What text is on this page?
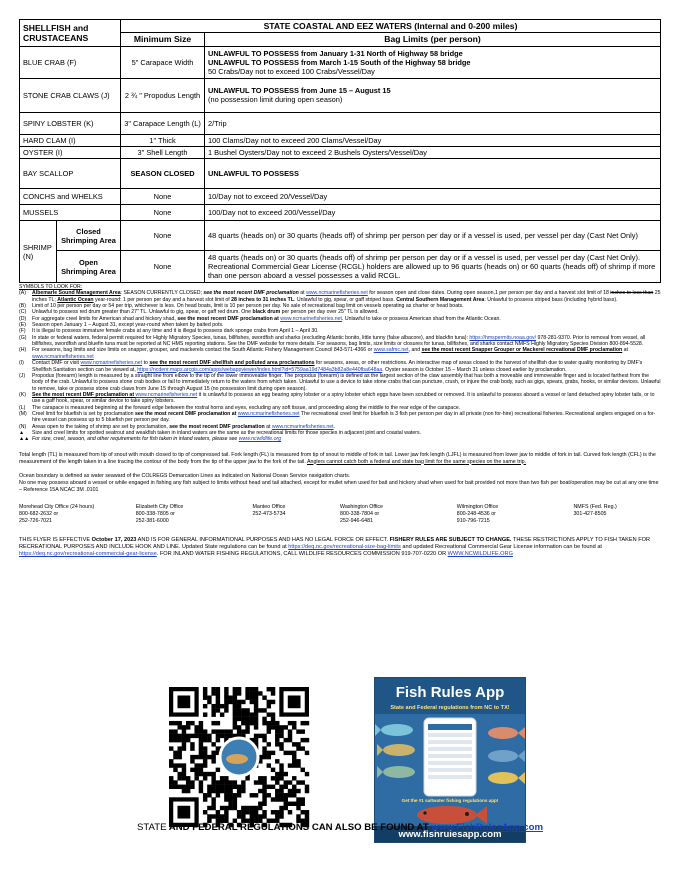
SHELLFISH and CRUSTACEANS		STATE COASTAL AND EEZ WATERS (Internal and 0-200 miles)	
		Minimum Size	Bag Limits (per person)
BLUE CRAB (F)		5" Carapace Width	UNLAWFUL TO POSSESS from January 1-31 North of Highway 58 bridge
UNLAWFUL TO POSSESS from March 1-15 South of the Highway 58 bridge
50 Crabs/Day not to exceed 100 Crabs/Vessel/Day

STONE CRAB CLAWS (J)		2 ¾ " Propodus Length	UNLAWFUL TO POSSESS from June 15 – August 15
(no possession limit during open season)

SPINY LOBSTER (K)		3" Carapace Length (L)	2/Trip
HARD CLAM (I)		1" Thick	100 Clams/Day not to exceed 200 Clams/Vessel/Day
OYSTER (I)		3" Shell Length	1 Bushel Oysters/Day not to exceed 2 Bushels Oysters/Vessel/Day
BAY SCALLOP		SEASON CLOSED	UNLAWFUL TO POSSESS
CONCHS and WHELKS		None	10/Day not to exceed 20/Vessel/Day
MUSSELS		None	100/Day not to exceed 200/Vessel/Day
SHRIMP (N)	Closed Shrimping Area	None	48 quarts (heads on) or 30 quarts (heads off) of shrimp per person per day or if a vessel is used, per vessel per day (Cast Net Only)
	Open Shrimping Area	None	48 quarts (heads on) or 30 quarts (heads off) of shrimp per person per day or if a vessel is used, per vessel per day (Cast Net Only). Recreational Commercial Gear License (RCGL) holders are allowed up to 96 quarts (heads on) or 60 quarts (heads off) of shrimp if more than one person aboard a vessel possesses a valid RCGL.
SYMBOLS TO LOOK FOR:
(A)	Albemarle Sound Management Area: SEASON CURRENTLY CLOSED; see the most recent DMF proclamation at www.ncmarinefisheries.net for season open and close dates. During open season,1 per person per day and a harvest slot limit of 18 inches to less than 25 inches TL; Atlantic Ocean year-round: 1 per person per day and a harvest slot limit of 28 inches to 31 inches TL. Unlawful to gig, spear, or gaff striped bass. Central Southern Management Area: Unlawful to possess striped bass (including hybrid bass).
(B)	Limit of 10 per person per day or 54 per trip, whichever is less. On head boats, limit is 10 per person per day. No sale of recreational bag limit on vessels operating as charter or head boats.
(C)	Unlawful to possess red drum greater than 27" TL. Unlawful to gig, spear, or gaff red drum. One black drum per person per day over 25" TL is allowed.
(D)	For aggregate creel limits for American shad and hickory shad, see the most recent DMF proclamation at www.ncmarinefisheries.net. Unlawful to take or possess American shad from the Atlantic Ocean.
(E)	Season open January 1 – August 31, except year-round when taken by baited pots.
(F)	It is illegal to possess immature female crabs at any time and it is illegal to possess dark sponge crabs from April 1 – April 30.
(G)	In state or federal waters, federal permit required for Highly Migratory Species, tunas, billfishes, swordfish and sharks (excluding Atlantic bonito, little tunny (false albacore), and blackfin tuna): https://hmspermits.noaa.gov/ 978-281-9370. Prior to removal from vessel, all billfishes, swordfish and bluefin tuna must be reported at NC HMS reporting stations. See the DMF website for more details. For seasons, bag limits, size limits or closures for tunas, billfishes, and sharks contact NMFS Highly Migratory Species Division 800-894-5528.
(H)	For seasons, bag limits and size limits on snapper, grouper, and mackerels contact the South Atlantic Fishery Management Council 843-571-4366 or www.safmc.net, and see the most recent Snapper Grouper or Mackerel recreational DMF proclamation at www.ncmarinefisheries.net
(I)	Contact DMF or visit www.ncmarinefisheries.net to see the most recent DMF shellfish and polluted area proclamations for seasons, areas, or other restrictions. An interactive map of areas closed to the harvest of shellfish due to water quality monitoring by DMF's Shellfish Sanitation section can be viewed at, https://ncdenr.maps.arcgis.com/apps/webappviewer/index.html?id=5759aa19d7484a3b82a8e440fba648aa. Oyster season is October 15 – March 31 unless closed earlier by proclamation.
(J)	Propodus (forearm) length is measured by a straight line from elbow to the tip of the lower immoveable finger. The propodus (forearm) is defined as the largest section of the claw assembly that has both a moveable and immoveable finger and is located farthest from the body of the crab. Unlawful to possess stone crab bodies or fail to immediately return to the waters from which taken. Unlawful to use a device to take stone crabs that can puncture, crush, or injure the crab body, such as gigs, spears, grabs, hooks, or similar devices. Unlawful to remove, take or possess stone crab claws from June 15 through August 15 (no possession limit during open season).
(K)	See the most recent DMF proclamation at www.ncmarinefisheries.net it is unlawful to possess an egg bearing spiny lobster or a spiny lobster which eggs have been scrubbed or removed. It is unlawful to possess aboard a vessel or land detached spiny lobster tails, or to use a gaff hook, spear, or similar device to take spiny lobsters.
(L)	The carapace is measured beginning at the forward edge between the rostral horns and eyes, excluding any soft tissue, and proceeding along the middle to the rear edge of the carapace.
(M)	Creel limit for bluefish is set by proclamation see the most recent DMF proclamation at www.ncmarinefisheries.net The recreational creel limit for bluefish is 3 fish per person per day in all private (non for-hire) recreational fisheries. Recreational anglers engaged on a for-hire vessel can possess up to 5 bluefish per person per day.
(N)	Areas open to the taking of shrimp are set by proclamation, see the most recent DMF proclamation at www.ncmarinefisheries.net.
▲	Size and creel limits for spotted seatrout and weakfish taken in inland waters are the same as the recreational limits for those species in adjacent joint and coastal waters.
▲▲ For size, creel, season, and other requirements for fish taken in inland waters, please see www.ncwildlife.org
Total length (TL) is measured from tip of snout with mouth closed to tip of compressed tail. Fork length (FL) is measured from tip of snout to middle of fork in tail. Lower jaw fork length (LJFL) is measured from lower jaw to middle of fork in tail. Curved fork length (CFL) is the measurement of the length taken in a line tracing the contour of the body from the tip of the upper jaw to the fork of the tail. Anglers cannot catch both a federal and state bag limit for the same species on the same trip.
Ocean boundary is defined as water seaward of the COLREGS Demarcation Lines as indicated on National Ocean Service navigation charts.
No one may possess aboard a vessel or while engaged in fishing any fish subject to limits without head and tail attached, except for mullet when used for bait and hickory shad when used for bait provided not more than two fish per boat/operation may be cut at any one time – Reference 15A NCAC 3M .0101
Morehead City Office (24 hours)
800-682-2632 or
252-726-7021
Elizabeth City Office
800-338-7805 or
252-381-6000
Manteo Office
252-473-5734
Washington Office
800-338-7804 or
252-946-6481
Wilmington Office
800-248-4536 or
910-796-7215
NMFS (Fed. Reg.)
301-427-8505
THIS FLYER IS EFFECTIVE October 17, 2023 AND IS FOR GENERAL INFORMATIONAL PURPOSES AND HAS NO LEGAL FORCE OR EFFECT. FISHERY RULES ARE SUBJECT TO CHANGE. THESE RESTRICTIONS APPLY TO FISH TAKEN FOR RECREATIONAL PURPOSES AND INCLUDE HOOK AND LINE. Updated State regulations can be found at https://deq.nc.gov/recreational-size-bag-limits and updated Recreational Commercial Gear License information can be found at https://deq.nc.gov/recreational-commercial-gear-license. FOR INLAND WATER FISHING REGULATIONS, CALL WILDLIFE RESOURCES COMMISSION 919-707-0220 OR WWW.NCWILDLIFE.ORG
Fish Rules App
State and Federal regulations from NC to TX!
Get the #1 saltwater fishing regulations app!
www.fishrulesapp.com
STATE AND FEDERAL REGULATIONS CAN ALSO BE FOUND AT www.FishRulesApp.com
